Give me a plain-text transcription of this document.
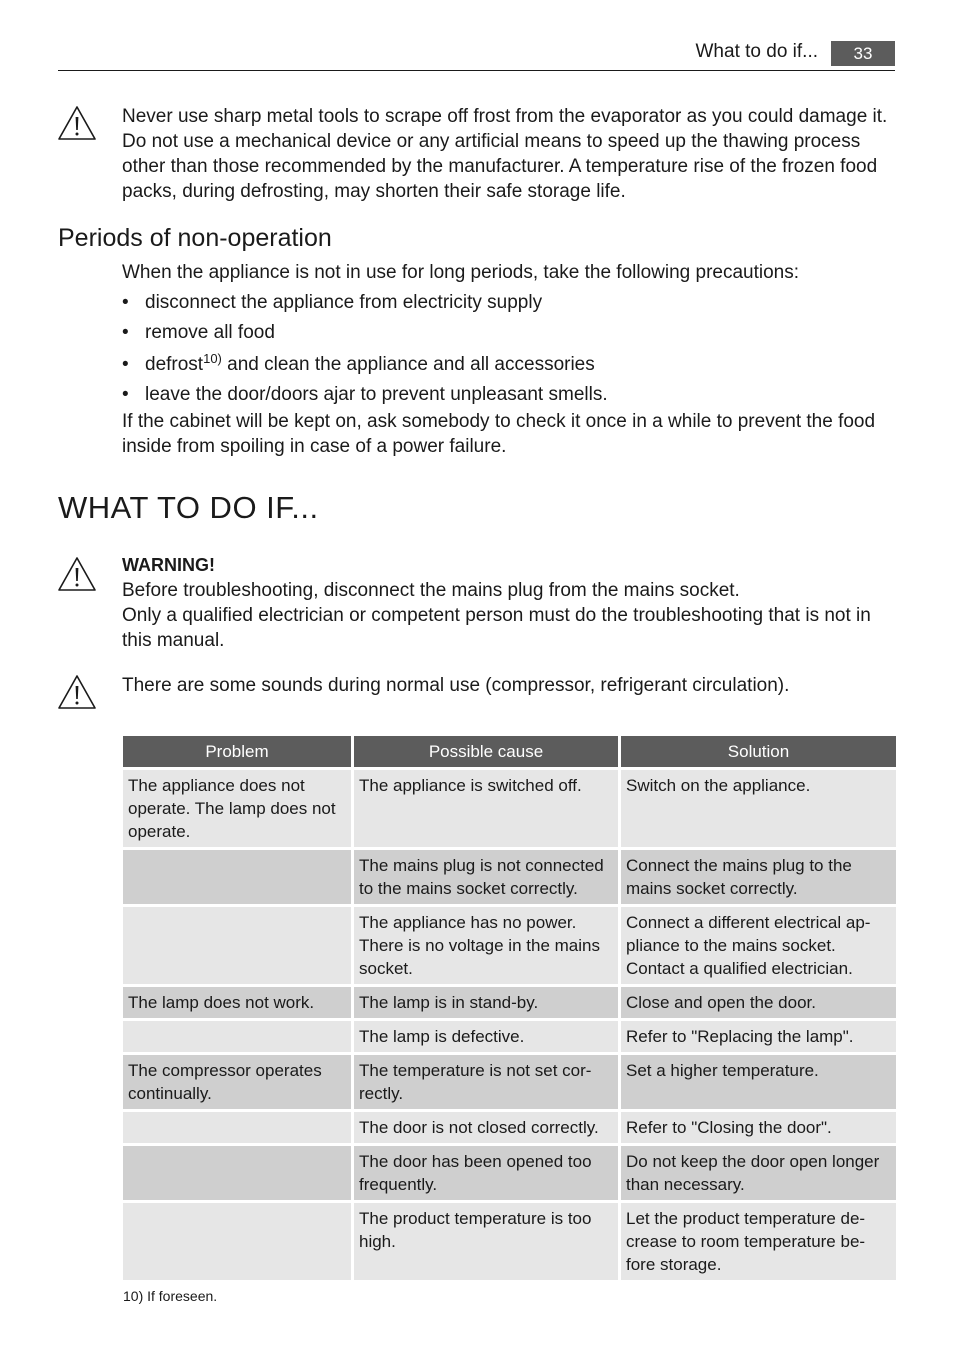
What to do if...	33

Never use sharp metal tools to scrape off frost from the evaporator as you could damage it.

Do not use a mechanical device or any artificial means to speed up the thawing process

other than those recommended by the manufacturer. A temperature rise of the frozen food

packs, during defrosting, may shorten their safe storage life.

Periods of non-operation
When the appliance is not in use for long periods, take the following precautions:
• disconnect the appliance from electricity supply
• remove all food
• defrost$^{10)}$ and clean the appliance and all accessories
• leave the door/doors ajar to prevent unpleasant smells.

If the cabinet will be kept on, ask somebody to check it once in a while to prevent the food

inside from spoiling in case of a power failure.

WHAT TO DO IF...

WARNING!

Before troubleshooting, disconnect the mains plug from the mains socket.

Only a qualified electrician or competent person must do the troubleshooting that is not in

this manual.

There are some sounds during normal use (compressor, refrigerant circulation).
Problem	Possible cause	Solution
The appliance does not operate. The lamp does not operate.	The appliance is switched off.	Switch on the appliance.
	The mains plug is not connected to the mains socket correctly.	Connect the mains plug to the mains socket correctly.
	The appliance has no power. There is no voltage in the mains socket.	Connect a different electrical ap-pliance to the mains socket. Contact a qualified electrician.
The lamp does not work.	The lamp is in stand-by.	Close and open the door.
	The lamp is defective.	Refer to "Replacing the lamp".
The compressor operates continually.	The temperature is not set cor-rectly.	Set a higher temperature.
	The door is not closed correctly.	Refer to "Closing the door".
	The door has been opened too frequently.	Do not keep the door open longer than necessary.
	The product temperature is too high.	Let the product temperature de-crease to room temperature be-fore storage.
10) If foreseen.
